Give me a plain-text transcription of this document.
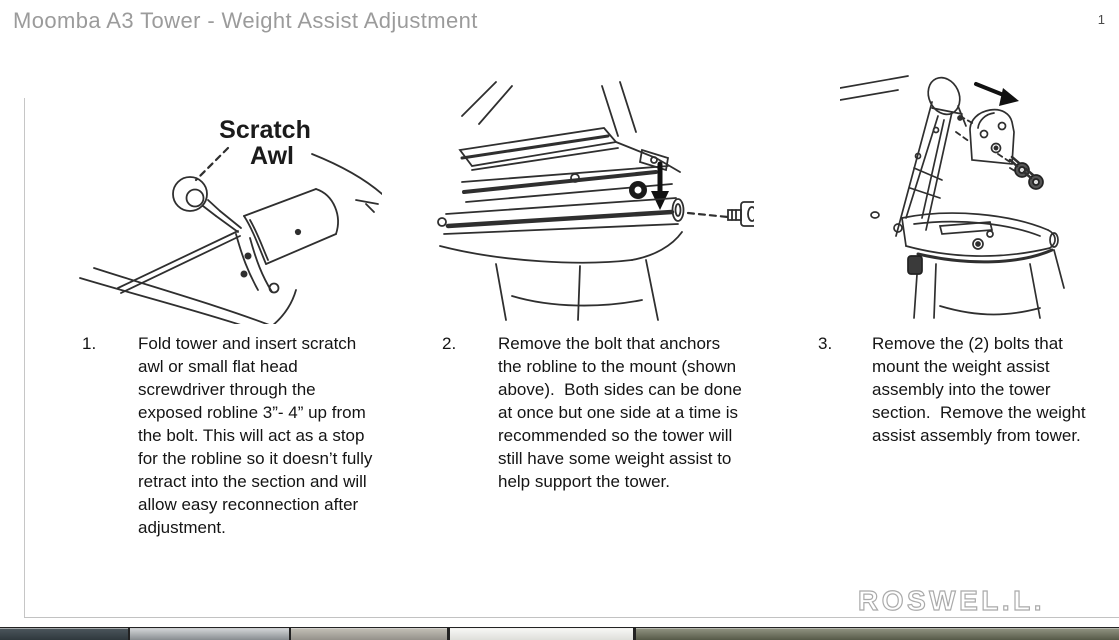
Moomba A3 Tower - Weight Assist Adjustment	1
Scratch
Awl
1.	Fold tower and insert scratch awl or small flat head screwdriver through the exposed robline 3”- 4” up from the bolt. This will act as a stop for the robline so it doesn’t fully retract into the section and will allow easy reconnection after adjustment.
2.	Remove the bolt that anchors the robline to the mount (shown above).  Both sides can be done at once but one side at a time is recommended so the tower will still have some weight assist to help support the tower.
3.	Remove the (2) bolts that mount the weight assist assembly into the tower section.  Remove the weight assist assembly from tower.
ROSWEL.L.
